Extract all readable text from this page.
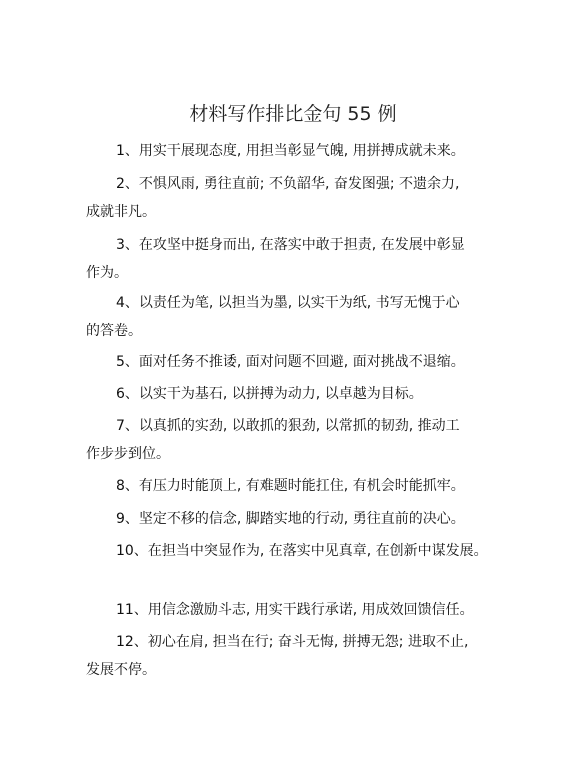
材料写作排比金句 55 例
1、用实干展现态度, 用担当彰显气魄, 用拼搏成就未来。
2、不惧风雨, 勇往直前; 不负韶华, 奋发图强; 不遗余力,
成就非凡。
3、在攻坚中挺身而出, 在落实中敢于担责, 在发展中彰显
作为。
4、以责任为笔, 以担当为墨, 以实干为纸, 书写无愧于心
的答卷。
5、面对任务不推诿, 面对问题不回避, 面对挑战不退缩。
6、以实干为基石, 以拼搏为动力, 以卓越为目标。
7、以真抓的实劲, 以敢抓的狠劲, 以常抓的韧劲, 推动工
作步步到位。
8、有压力时能顶上, 有难题时能扛住, 有机会时能抓牢。
9、坚定不移的信念, 脚踏实地的行动, 勇往直前的决心。
10、在担当中突显作为, 在落实中见真章, 在创新中谋发展。
11、用信念激励斗志, 用实干践行承诺, 用成效回馈信任。
12、初心在肩, 担当在行; 奋斗无悔, 拼搏无怨; 进取不止,
发展不停。
